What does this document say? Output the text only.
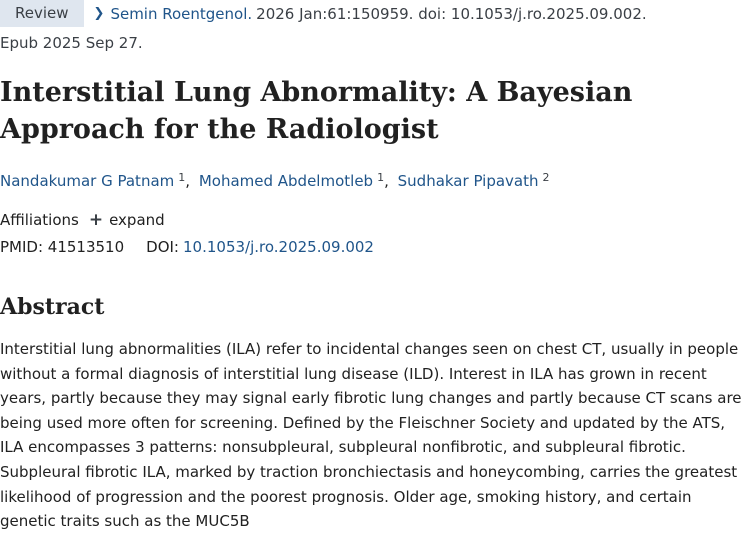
Review	❯ Semin Roentgenol. 2026 Jan:61:150959. doi: 10.1053/j.ro.2025.09.002.
Epub 2025 Sep 27.
Interstitial Lung Abnormality: A Bayesian Approach for the Radiologist
Nandakumar G Patnam $^1$, Mohamed Abdelmotleb $^1$, Sudhakar Pipavath $^2$
Affiliations + expand
PMID: 41513510 DOI: 10.1053/j.ro.2025.09.002
Abstract

Interstitial lung abnormalities (ILA) refer to incidental changes seen on chest CT, usually in people without a formal diagnosis of interstitial lung disease (ILD). Interest in ILA has grown in recent years, partly because they may signal early fibrotic lung changes and partly because CT scans are being used more often for screening. Defined by the Fleischner Society and updated by the ATS, ILA encompasses 3 patterns: nonsubpleural, subpleural nonfibrotic, and subpleural fibrotic. Subpleural fibrotic ILA, marked by traction bronchiectasis and honeycombing, carries the greatest likelihood of progression and the poorest prognosis. Older age, smoking history, and certain genetic traits such as the MUC5B
